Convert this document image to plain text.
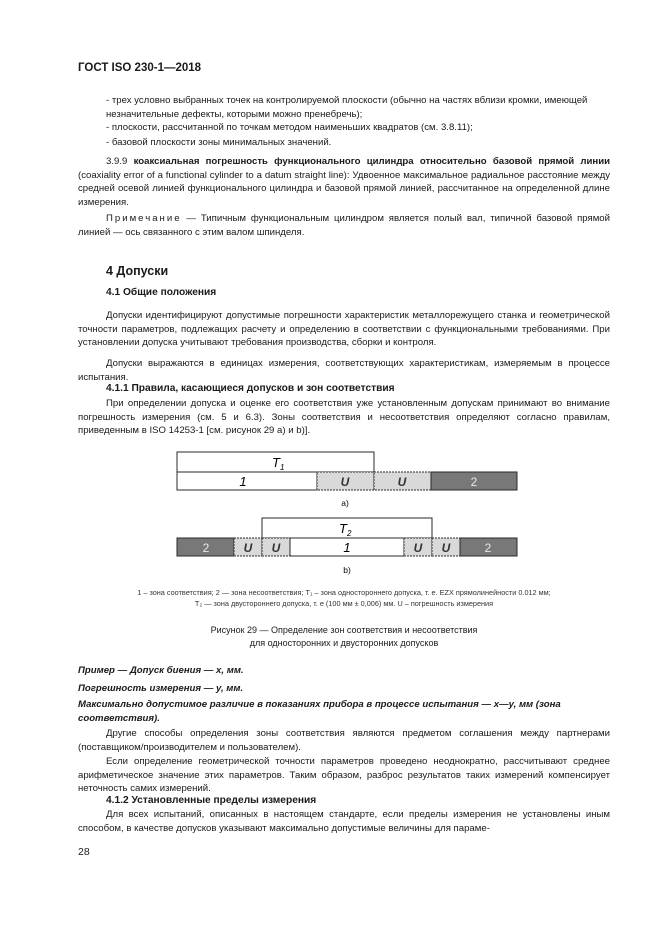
ГОСТ ISO 230-1—2018

- трех условно выбранных точек на контролируемой плоскости (обычно на частях вблизи кромки, имеющей незначительные дефекты, которыми можно пренебречь);

- плоскости, рассчитанной по точкам методом наименьших квадратов (см. 3.8.11);

- базовой плоскости зоны минимальных значений.

3.9.9 коаксиальная погрешность функционального цилиндра относительно базовой прямой линии (coaxiality error of a functional cylinder to a datum straight line): Удвоенное максимальное радиальное расстояние между средней осевой линией функционального цилиндра и базовой прямой линией, рассчитанное на определенной длине измерения.

Примечание — Типичным функциональным цилиндром является полый вал, типичной базовой прямой линией — ось связанного с этим валом шпинделя.

4 Допуски
4.1 Общие положения

Допуски идентифицируют допустимые погрешности характеристик металлорежущего станка и геометрической точности параметров, подлежащих расчету и определению в соответствии с функциональными требованиями. При установлении допуска учитывают требования производства, сборки и контроля.

Допуски выражаются в единицах измерения, соответствующих характеристикам, измеряемым в процессе испытания.

4.1.1 Правила, касающиеся допусков и зон соответствия

При определении допуска и оценке его соответствия уже установленным допускам принимают во внимание погрешность измерения (см. 5 и 6.3). Зоны соответствия и несоответствия определяют согласно правилам, приведенным в ISO 14253-1 [см. рисунок 29 а) и b)].

$T_1$
1	U	U	2
а)
$T_2$
2	U U	1	U U	2
b)

1 – зона соответствия; 2 — зона несоответствия; T₁ – зона одностороннего допуска, т. е. EZX прямолинейности 0.012 мм;
T₂ — зона двустороннего допуска, т. е (100 мм ± 0,006) мм. U – погрешность измерения

Рисунок 29 — Определение зон соответствия и несоответствия
для односторонних и двусторонних допусков

Пример — Допуск биения — x, мм.

Погрешность измерения — y, мм.

Максимально допустимое различие в показаниях прибора в процессе испытания — x—y, мм (зона соответствия).

Другие способы определения зоны соответствия являются предметом соглашения между партнерами (поставщиком/производителем и пользователем).

Если определение геометрической точности параметров проведено неоднократно, рассчитывают среднее арифметическое значение этих параметров. Таким образом, разброс результатов таких измерений компенсирует неточность самих измерений.

4.1.2 Установленные пределы измерения

Для всех испытаний, описанных в настоящем стандарте, если пределы измерения не установлены иным способом, в качестве допусков указывают максимально допустимые величины для параме-

28
